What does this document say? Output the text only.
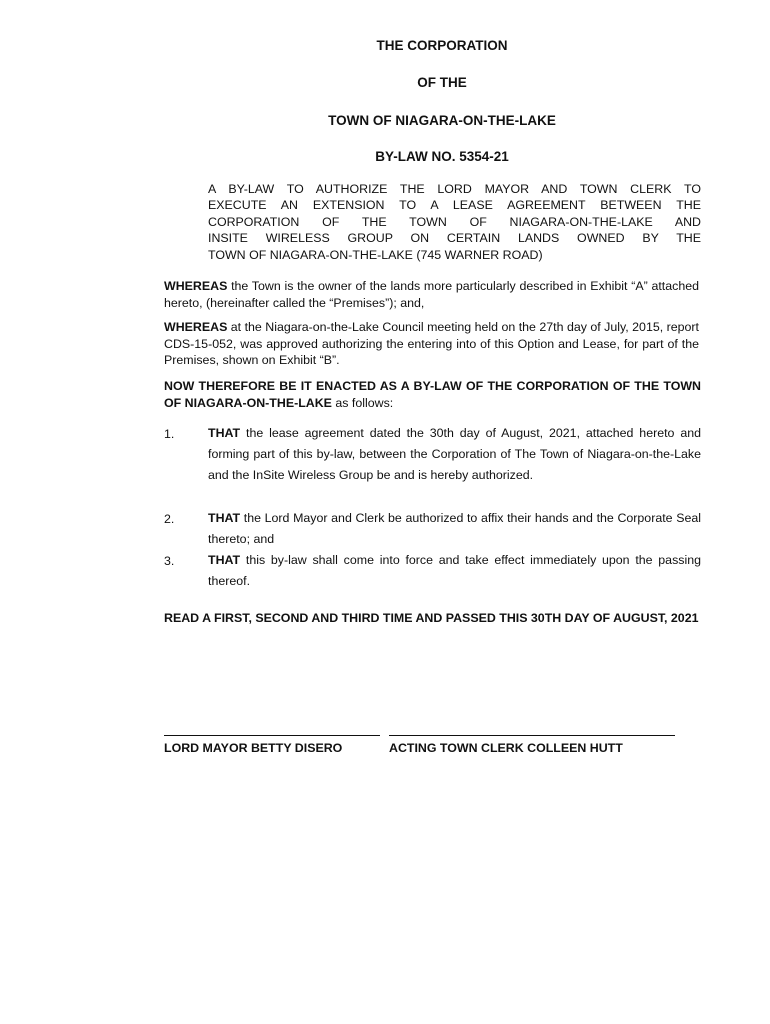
THE CORPORATION
OF THE
TOWN OF NIAGARA-ON-THE-LAKE
BY-LAW NO. 5354-21
A BY-LAW TO AUTHORIZE THE LORD MAYOR AND TOWN CLERK TO
EXECUTE AN EXTENSION TO A LEASE AGREEMENT BETWEEN THE
CORPORATION OF THE TOWN OF NIAGARA-ON-THE-LAKE AND
INSITE WIRELESS GROUP ON CERTAIN LANDS OWNED BY THE
TOWN OF NIAGARA-ON-THE-LAKE (745 WARNER ROAD)
WHEREAS the Town is the owner of the lands more particularly described in Exhibit “A” attached hereto, (hereinafter called the “Premises”); and,
WHEREAS at the Niagara-on-the-Lake Council meeting held on the 27th day of July, 2015, report CDS-15-052, was approved authorizing the entering into of this Option and Lease, for part of the Premises, shown on Exhibit “B”.
NOW THEREFORE BE IT ENACTED AS A BY-LAW OF THE CORPORATION OF THE TOWN OF NIAGARA-ON-THE-LAKE as follows:
1.	THAT the lease agreement dated the 30th day of August, 2021, attached hereto and forming part of this by-law, between the Corporation of The Town of Niagara-on-the-Lake and the InSite Wireless Group be and is hereby authorized.
2.	THAT the Lord Mayor and Clerk be authorized to affix their hands and the Corporate Seal thereto; and
3.	THAT this by-law shall come into force and take effect immediately upon the passing thereof.
READ A FIRST, SECOND AND THIRD TIME AND PASSED THIS 30TH DAY OF AUGUST, 2021
LORD MAYOR BETTY DISERO	ACTING TOWN CLERK COLLEEN HUTT
